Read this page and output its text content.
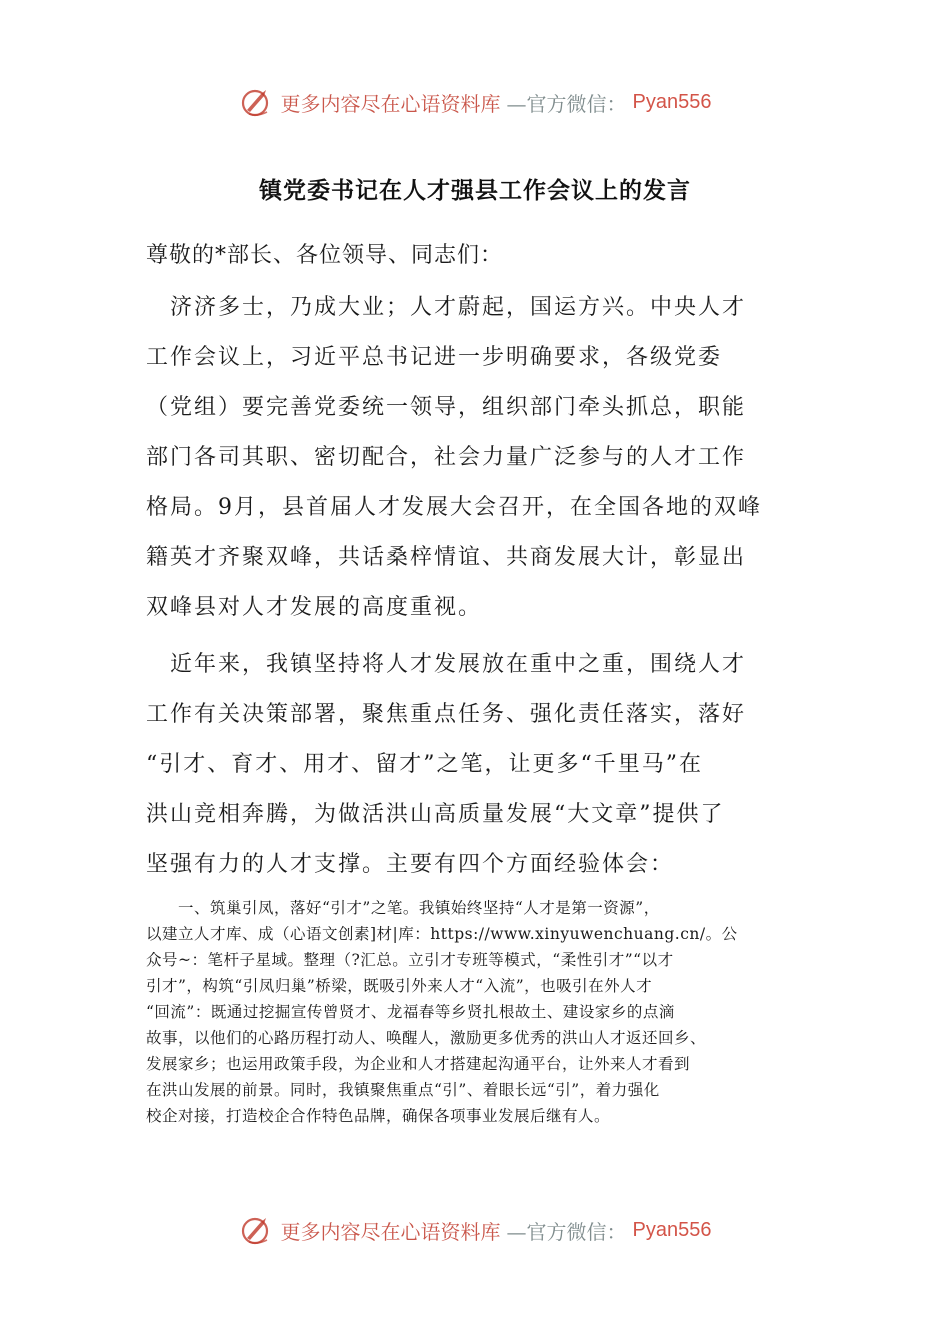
更多内容尽在心语资料库 —官方微信： Pyan556
镇党委书记在人才强县工作会议上的发言
尊敬的*部长、各位领导、同志们：

　济济多士，乃成大业；人才蔚起，国运方兴。中央人才
工作会议上，习近平总书记进一步明确要求，各级党委
（党组）要完善党委统一领导，组织部门牵头抓总，职能
部门各司其职、密切配合，社会力量广泛参与的人才工作
格局。9月，县首届人才发展大会召开，在全国各地的双峰
籍英才齐聚双峰，共话桑梓情谊、共商发展大计，彰显出
双峰县对人才发展的高度重视。

　近年来，我镇坚持将人才发展放在重中之重，围绕人才
工作有关决策部署，聚焦重点任务、强化责任落实，落好
“引才、育才、用才、留才”之笔，让更多“千里马”在
洪山竞相奔腾，为做活洪山高质量发展“大文章”提供了
坚强有力的人才支撑。主要有四个方面经验体会：

　　一、筑巢引凤，落好“引才”之笔。我镇始终坚持“人才是第一资源”，
以建立人才库、成（心语文创素]材|库：https://www.xinyuwenchuang.cn/。公
众号~：笔杆子星域。整理（?汇总。立引才专班等模式，“柔性引才”“以才
引才”，构筑“引凤归巢”桥梁，既吸引外来人才“入流”，也吸引在外人才
“回流”：既通过挖掘宣传曾贤才、龙福春等乡贤扎根故土、建设家乡的点滴
故事，以他们的心路历程打动人、唤醒人，激励更多优秀的洪山人才返还回乡、
发展家乡；也运用政策手段，为企业和人才搭建起沟通平台，让外来人才看到
在洪山发展的前景。同时，我镇聚焦重点“引”、着眼长远“引”，着力强化
校企对接，打造校企合作特色品牌，确保各项事业发展后继有人。

更多内容尽在心语资料库 —官方微信： Pyan556
